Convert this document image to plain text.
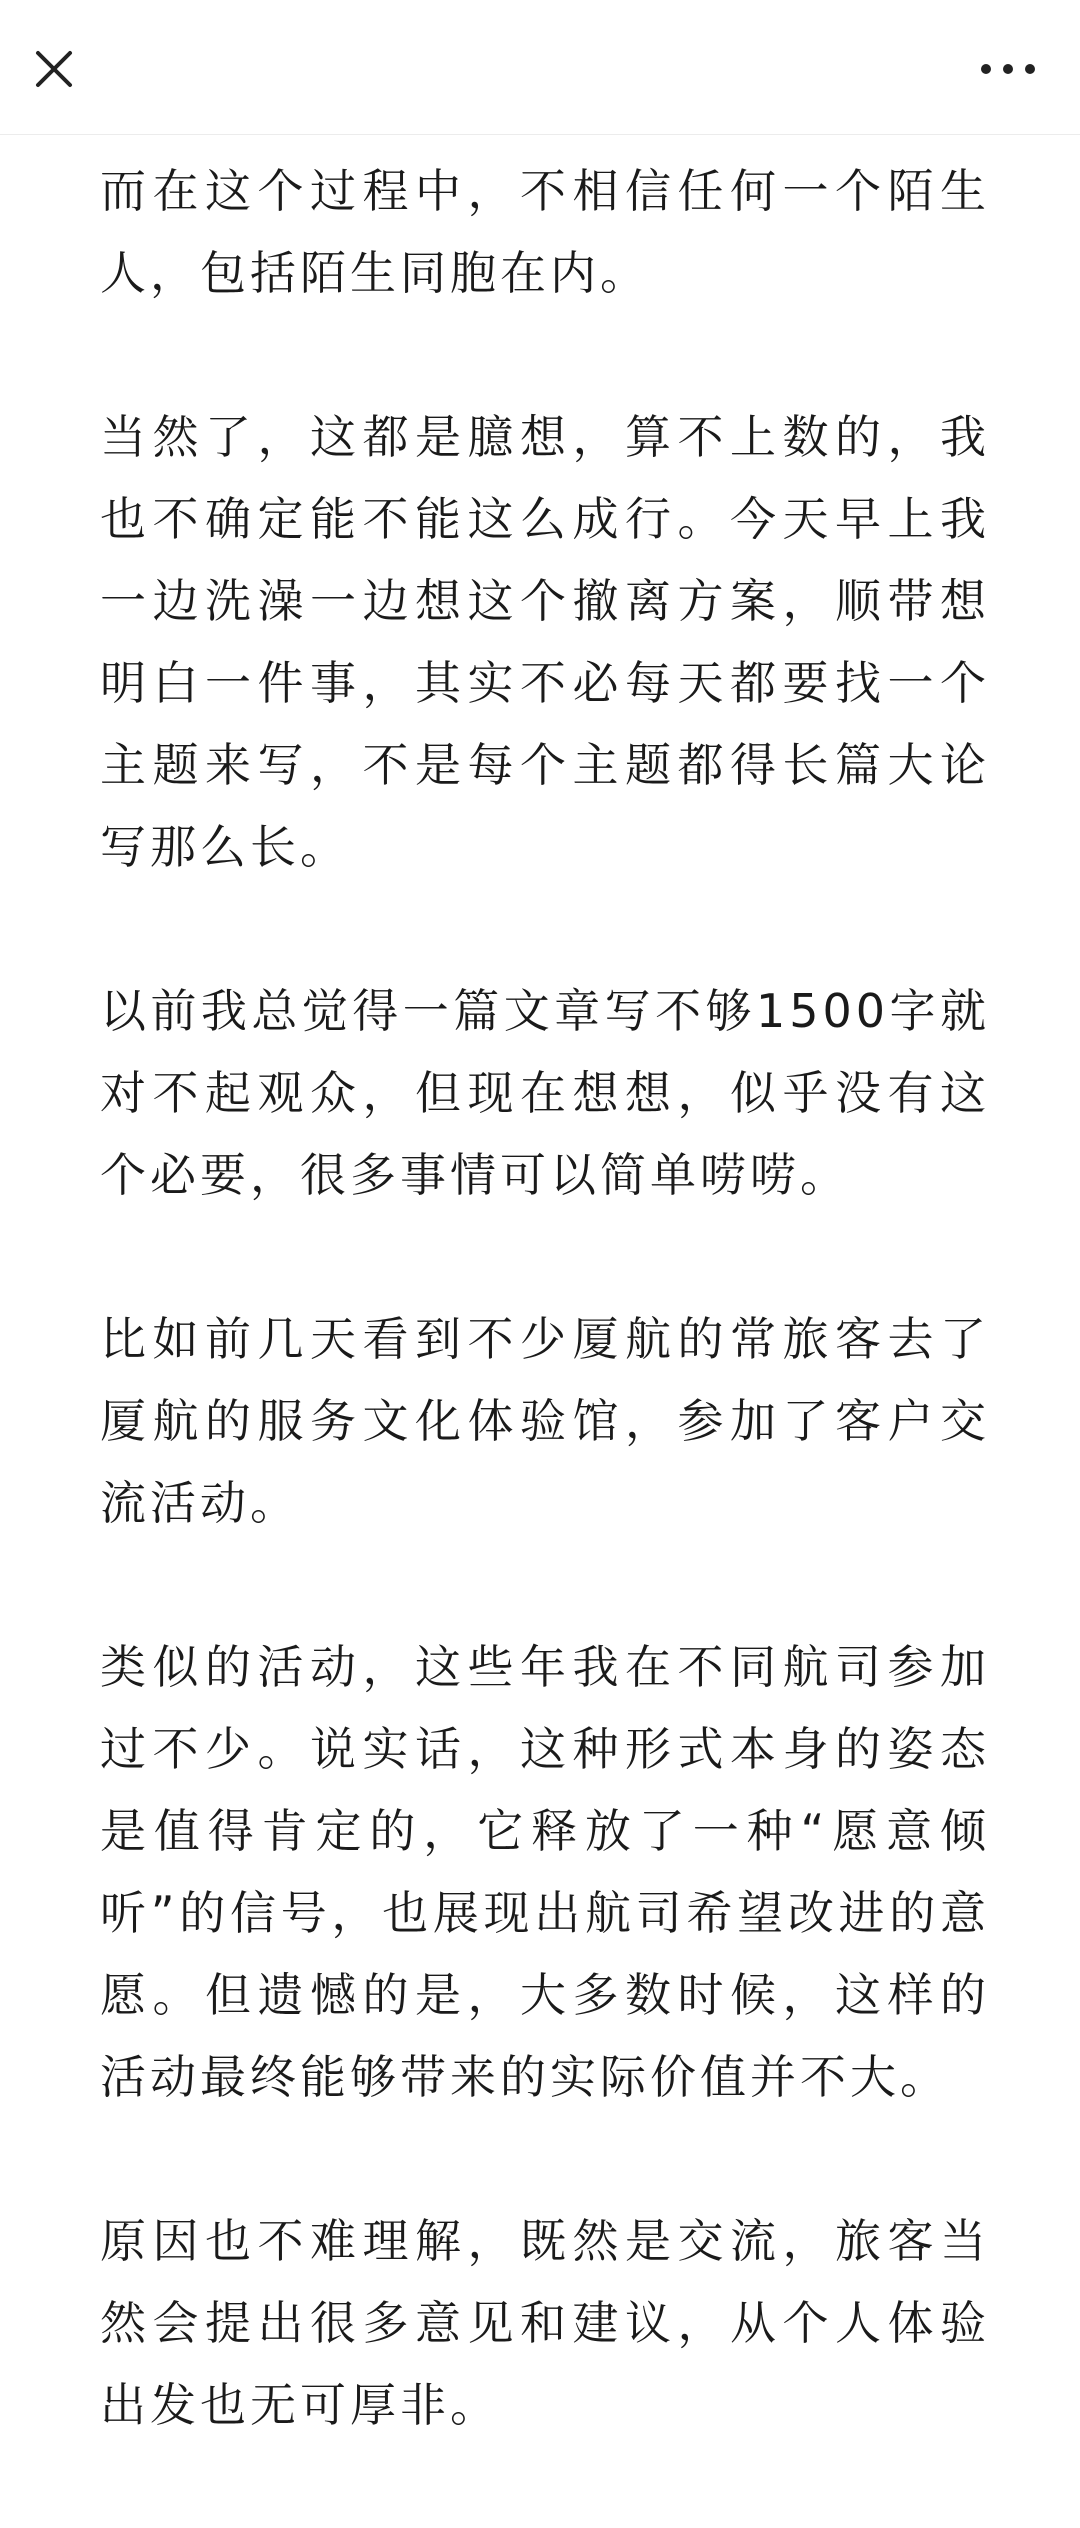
而在这个过程中，不相信任何一个陌生人，包括陌生同胞在内。

当然了，这都是臆想，算不上数的，我也不确定能不能这么成行。今天早上我一边洗澡一边想这个撤离方案，顺带想明白一件事，其实不必每天都要找一个主题来写，不是每个主题都得长篇大论写那么长。

以前我总觉得一篇文章写不够1500字就对不起观众，但现在想想，似乎没有这个必要，很多事情可以简单唠唠。

比如前几天看到不少厦航的常旅客去了厦航的服务文化体验馆，参加了客户交流活动。

类似的活动，这些年我在不同航司参加过不少。说实话，这种形式本身的姿态是值得肯定的，它释放了一种“愿意倾听”的信号，也展现出航司希望改进的意愿。但遗憾的是，大多数时候，这样的活动最终能够带来的实际价值并不大。

原因也不难理解，既然是交流，旅客当然会提出很多意见和建议，从个人体验出发也无可厚非。
